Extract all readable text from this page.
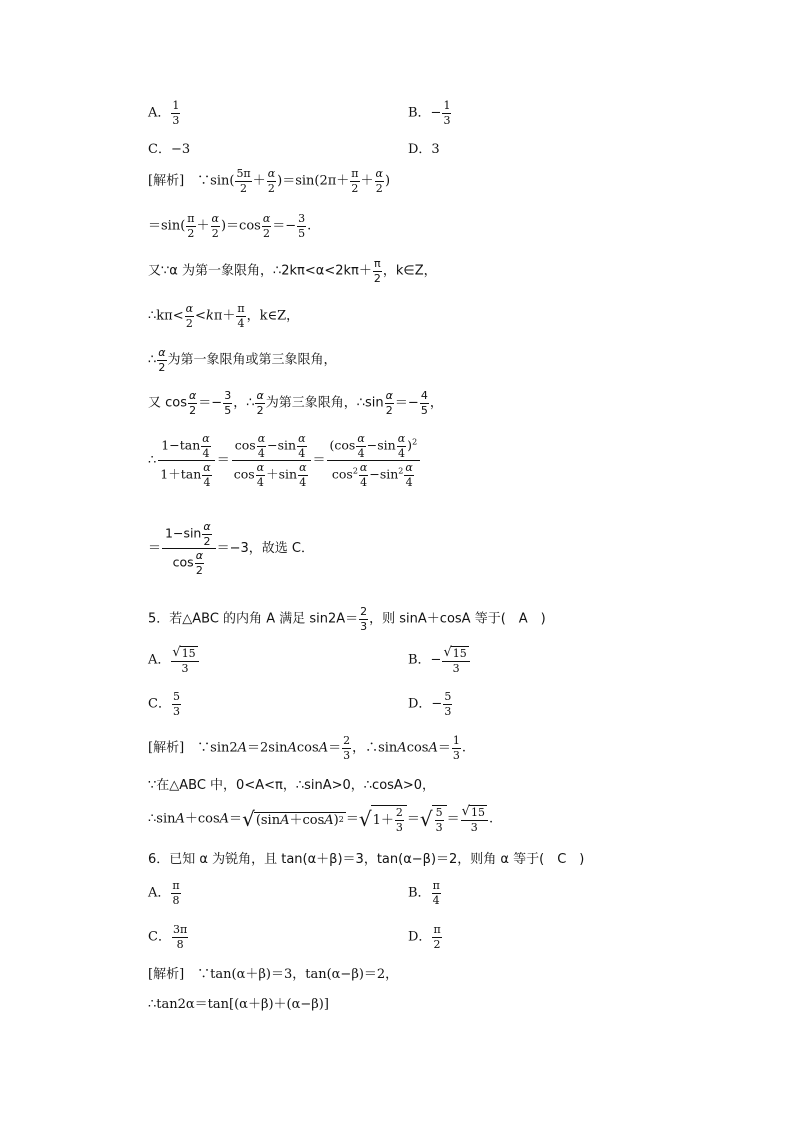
A． $\frac{1}{3}$	B．− $\frac{1}{3}$
C．−3	D．3
[解析]　∵sin( $\frac{5\pi}{2} + \frac{\alpha}{2} )=\sin(2\pi+ \frac{\pi}{2} + \frac{\alpha}{2}$ )
$=\sin( \frac{\pi}{2} + \frac{\alpha}{2} )=\cos \frac{\alpha}{2} =- \frac{3}{5}$ .
又∵α 为第一象限角，∴2kπ<α<2kπ＋ $\frac{\pi}{2}$ ，k∈Z，
∴kπ< $\frac{\alpha}{2} <k\pi+ \frac{\pi}{4}$ ，k∈Z，
∴ $\frac{\alpha}{2}$ 为第一象限角或第三象限角，
又 $\cos \frac{\alpha}{2} =- \frac{3}{5}$ ，∴ $\frac{\alpha}{2}$ 为第三象限角，∴sin $\frac{\alpha}{2} =- \frac{4}{5}$ ，
∴ $\frac{1-\tan \frac{\alpha}{4}}{1+\tan \frac{\alpha}{4}} = \frac{\cos \frac{\alpha}{4} -\sin \frac{\alpha}{4}}{\cos \frac{\alpha}{4} +\sin \frac{\alpha}{4}} = \frac{(\cos \frac{\alpha}{4} -\sin \frac{\alpha}{4} )^2}{\cos^2 \frac{\alpha}{4} -\sin^2 \frac{\alpha}{4}}$
＝ $\frac{1-\sin \frac{\alpha}{2}}{\cos \frac{\alpha}{2}} =-3$，故选 C．
5．若△ABC 的内角 A 满足 $\sin 2A= \frac{2}{3}$ ，则 sinA＋cosA 等于(　A　)
A． $\frac{√ 15}{3}$	B．− $\frac{√ 15}{3}$
C． $\frac{5}{3}$	D．− $\frac{5}{3}$
[解析]　∵sin2A＝2sinAcosA＝ $\frac{2}{3}$ ，∴sinAcosA＝ $\frac{1}{3}$ .
∵在△ABC 中，0<A<π，∴sinA>0，∴cosA>0，
∴sinA＋cosA＝ √ (sin A ＋cos A ) 2 ＝ √ $1+ \frac{2}{3}$ ＝ √ $\frac{5}{3} = \frac{√ 15}{3}$ .
6．已知 α 为锐角，且 tan(α＋β)＝3，tan(α−β)＝2，则角 α 等于(　C　)
A． $\frac{\pi}{8}$	B． $\frac{\pi}{4}$
C． $\frac{3\pi}{8}$	D． $\frac{\pi}{2}$
[解析]　 ∵tan(α＋β)＝3，tan(α−β)＝2，
∴tan2α＝tan[(α＋β)＋(α−β)]
